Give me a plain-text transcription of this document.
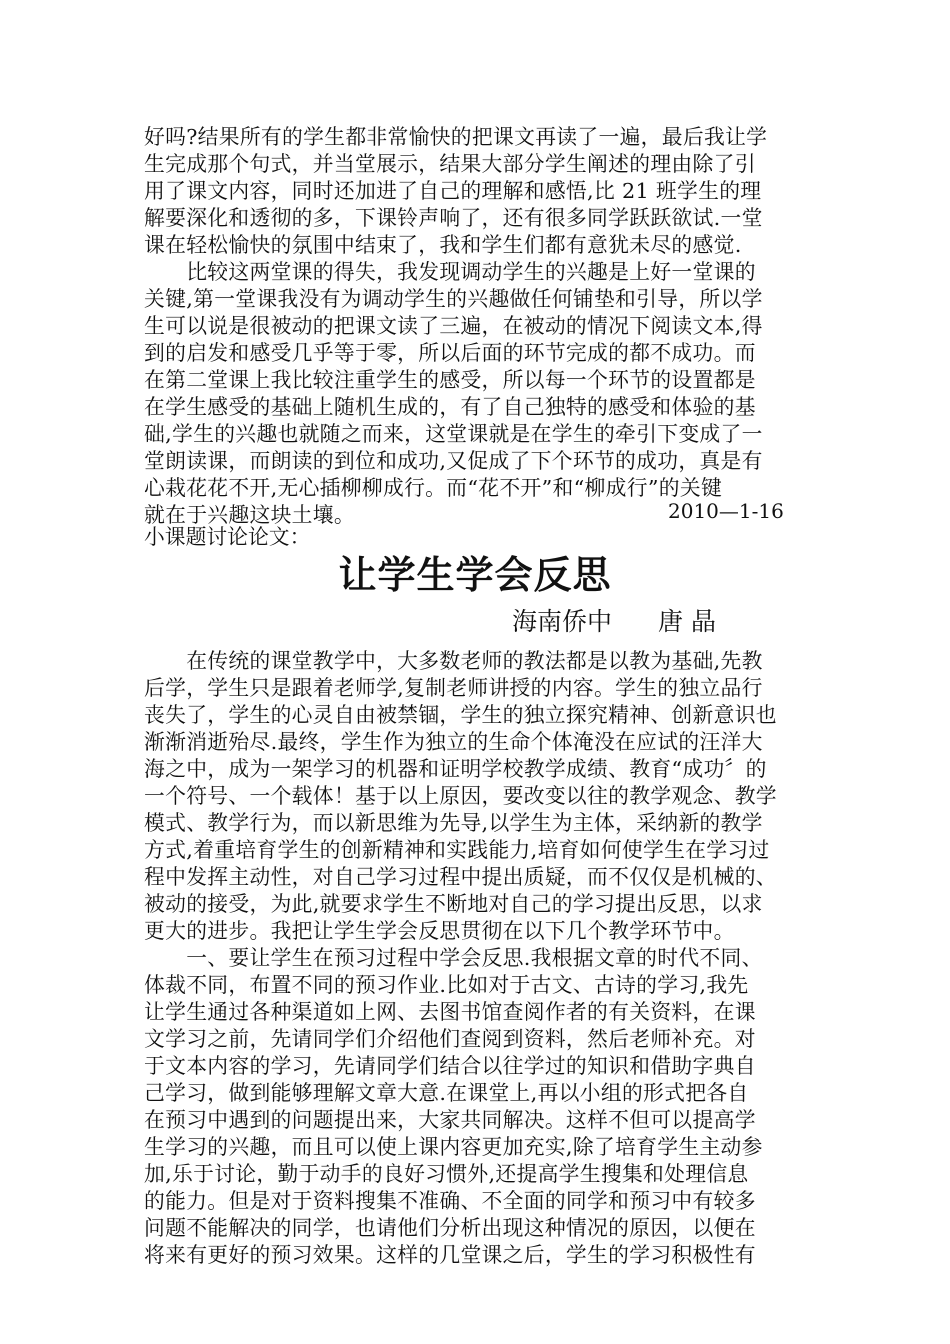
好吗?结果所有的学生都非常愉快的把课文再读了一遍，最后我让学
生完成那个句式，并当堂展示，结果大部分学生阐述的理由除了引
用了课文内容，同时还加进了自己的理解和感悟,比 21 班学生的理
解要深化和透彻的多，下课铃声响了，还有很多同学跃跃欲试.一堂
课在轻松愉快的氛围中结束了，我和学生们都有意犹未尽的感觉.
　　比较这两堂课的得失，我发现调动学生的兴趣是上好一堂课的
关键,第一堂课我没有为调动学生的兴趣做任何铺垫和引导，所以学
生可以说是很被动的把课文读了三遍，在被动的情况下阅读文本,得
到的启发和感受几乎等于零，所以后面的环节完成的都不成功。而
在第二堂课上我比较注重学生的感受，所以每一个环节的设置都是
在学生感受的基础上随机生成的，有了自己独特的感受和体验的基
础,学生的兴趣也就随之而来，这堂课就是在学生的牵引下变成了一
堂朗读课，而朗读的到位和成功,又促成了下个环节的成功，真是有
心栽花花不开,无心插柳柳成行。而“花不开”和“柳成行”的关键
就在于兴趣这块土壤。	2010—1-16
小课题讨论论文：
让学生学会反思
海南侨中 唐 晶
　　在传统的课堂教学中，大多数老师的教法都是以教为基础,先教
后学，学生只是跟着老师学,复制老师讲授的内容。学生的独立品行
丧失了，学生的心灵自由被禁锢，学生的独立探究精神、创新意识也
渐渐消逝殆尽.最终，学生作为独立的生命个体淹没在应试的汪洋大
海之中，成为一架学习的机器和证明学校教学成绩、教育“成功〞的
一个符号、一个载体！基于以上原因，要改变以往的教学观念、教学
模式、教学行为，而以新思维为先导,以学生为主体，采纳新的教学
方式,着重培育学生的创新精神和实践能力,培育如何使学生在学习过
程中发挥主动性，对自己学习过程中提出质疑，而不仅仅是机械的、
被动的接受，为此,就要求学生不断地对自己的学习提出反思，以求
更大的进步。我把让学生学会反思贯彻在以下几个教学环节中。
　　一、要让学生在预习过程中学会反思.我根据文章的时代不同、
体裁不同，布置不同的预习作业.比如对于古文、古诗的学习,我先
让学生通过各种渠道如上网、去图书馆查阅作者的有关资料，在课
文学习之前，先请同学们介绍他们查阅到资料，然后老师补充。对
于文本内容的学习，先请同学们结合以往学过的知识和借助字典自
己学习，做到能够理解文章大意.在课堂上,再以小组的形式把各自
在预习中遇到的问题提出来，大家共同解决。这样不但可以提高学
生学习的兴趣，而且可以使上课内容更加充实,除了培育学生主动参
加,乐于讨论，勤于动手的良好习惯外,还提高学生搜集和处理信息
的能力。但是对于资料搜集不准确、不全面的同学和预习中有较多
问题不能解决的同学，也请他们分析出现这种情况的原因，以便在
将来有更好的预习效果。这样的几堂课之后，学生的学习积极性有
